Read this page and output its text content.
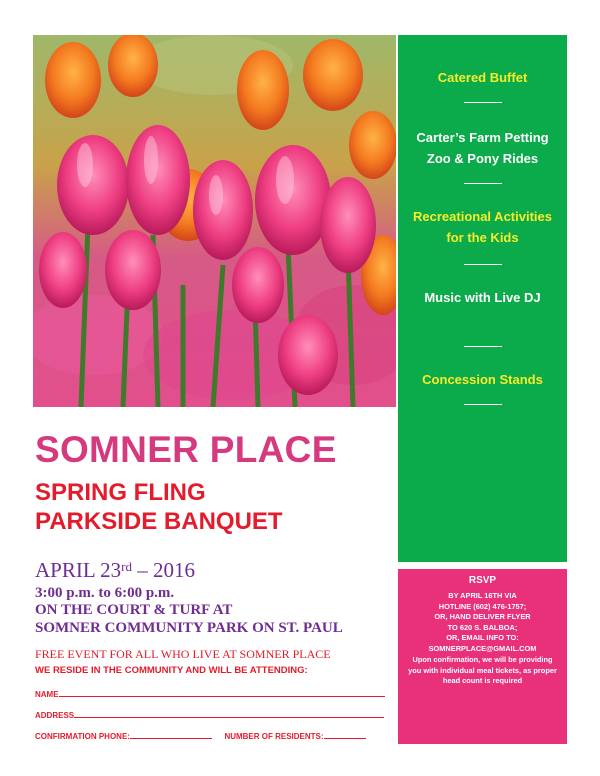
Catered Buffet
Carter’s Farm Petting Zoo & Pony Rides
Recreational Activities for the Kids
Music with Live DJ
Concession Stands
RSVP
BY APRIL 16TH VIA
HOTLINE (602) 476-1757;
OR, HAND DELIVER FLYER
TO 620 S. BALBOA;
OR, EMAIL INFO TO:
SOMNERPLACE@GMAIL.COM
Upon confirmation, we will be providing you with individual meal tickets, as proper head count is required
SOMNER PLACE
SPRING FLING
PARKSIDE BANQUET
APRIL 23rd – 2016
3:00 p.m. to 6:00 p.m.
ON THE COURT & TURF AT
SOMNER COMMUNITY PARK ON ST. PAUL
FREE EVENT FOR ALL WHO LIVE AT SOMNER PLACE
WE RESIDE IN THE COMMUNITY AND WILL BE ATTENDING:
NAME
ADDRESS
CONFIRMATION PHONE:	NUMBER OF RESIDENTS:
